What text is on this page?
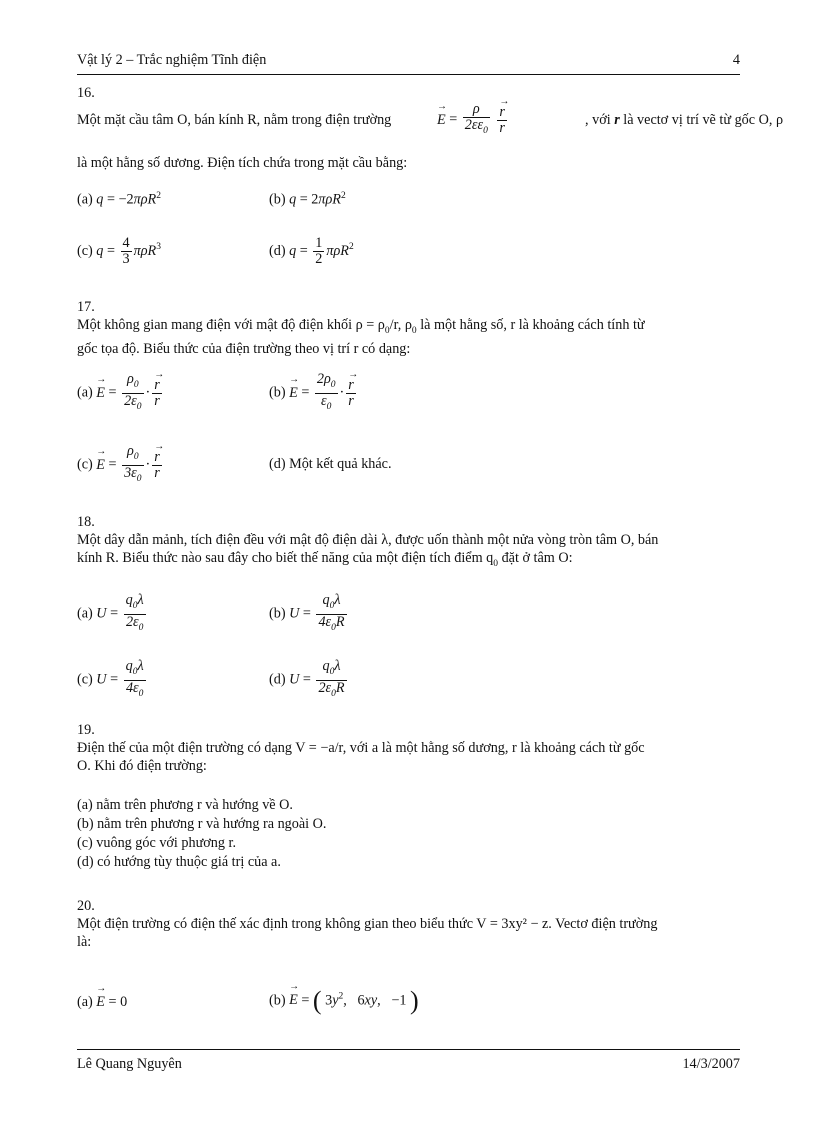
Vật lý 2 – Trắc nghiệm Tĩnh điện	4
16.
Một mặt cầu tâm O, bán kính R, nằm trong điện trường	→ $E = \frac{\rho}{2\varepsilon\varepsilon_0}$
→ $\frac{r}{r}$	, với r là vectơ vị trí vẽ từ gốc O, ρ
là một hằng số dương. Điện tích chứa trong mặt cầu bằng:
(a) q = −2πρR$^2$	(b) q = 2πρR$^2$
(c) $q = \frac{4}{3} \pi\rho R^3$	(d) $q = \frac{1}{2} \pi\rho R^2$
17.
Một không gian mang điện với mật độ điện khối $\rho = \rho_0/r$, $\rho_0$ là một hằng số, r là khoảng cách tính từ
gốc tọa độ. Biểu thức của điện trường theo vị trí r có dạng:
$(a) \to E = \frac{\rho_0}{2\varepsilon_0}$ · → $\frac{r}{r}$	$(b) \to E = \frac{2\rho_0}{\varepsilon_0}$ · → $\frac{r}{r}$
$(c) \to E = \frac{\rho_0}{3\varepsilon_0}$ · → $\frac{r}{r}$	(d) Một kết quả khác.
18.
Một dây dẫn mảnh, tích điện đều với mật độ điện dài λ, được uốn thành một nửa vòng tròn tâm O, bán
kính R. Biểu thức nào sau đây cho biết thế năng của một điện tích điểm $q_0$ đặt ở tâm O:
(a) $U = \frac{q_0\lambda}{2\varepsilon_0}$	(b) $U = \frac{q_0\lambda}{4\varepsilon_0R}$
(c) $U = \frac{q_0\lambda}{4\varepsilon_0}$	(d) $U = \frac{q_0\lambda}{2\varepsilon_0R}$
19.
Điện thế của một điện trường có dạng V = −a/r, với a là một hằng số dương, r là khoảng cách từ gốc
O. Khi đó điện trường:
(a) nằm trên phương r và hướng về O.
(b) nằm trên phương r và hướng ra ngoài O.
(c) vuông góc với phương r.
(d) có hướng tùy thuộc giá trị của a.
20.
Một điện trường có điện thế xác định trong không gian theo biểu thức V = 3xy² − z. Vectơ điện trường
là:
(a) → E = 0	(b) → E = ( $3y^2$,   6xy,   −1 )
Lê Quang Nguyên	14/3/2007
